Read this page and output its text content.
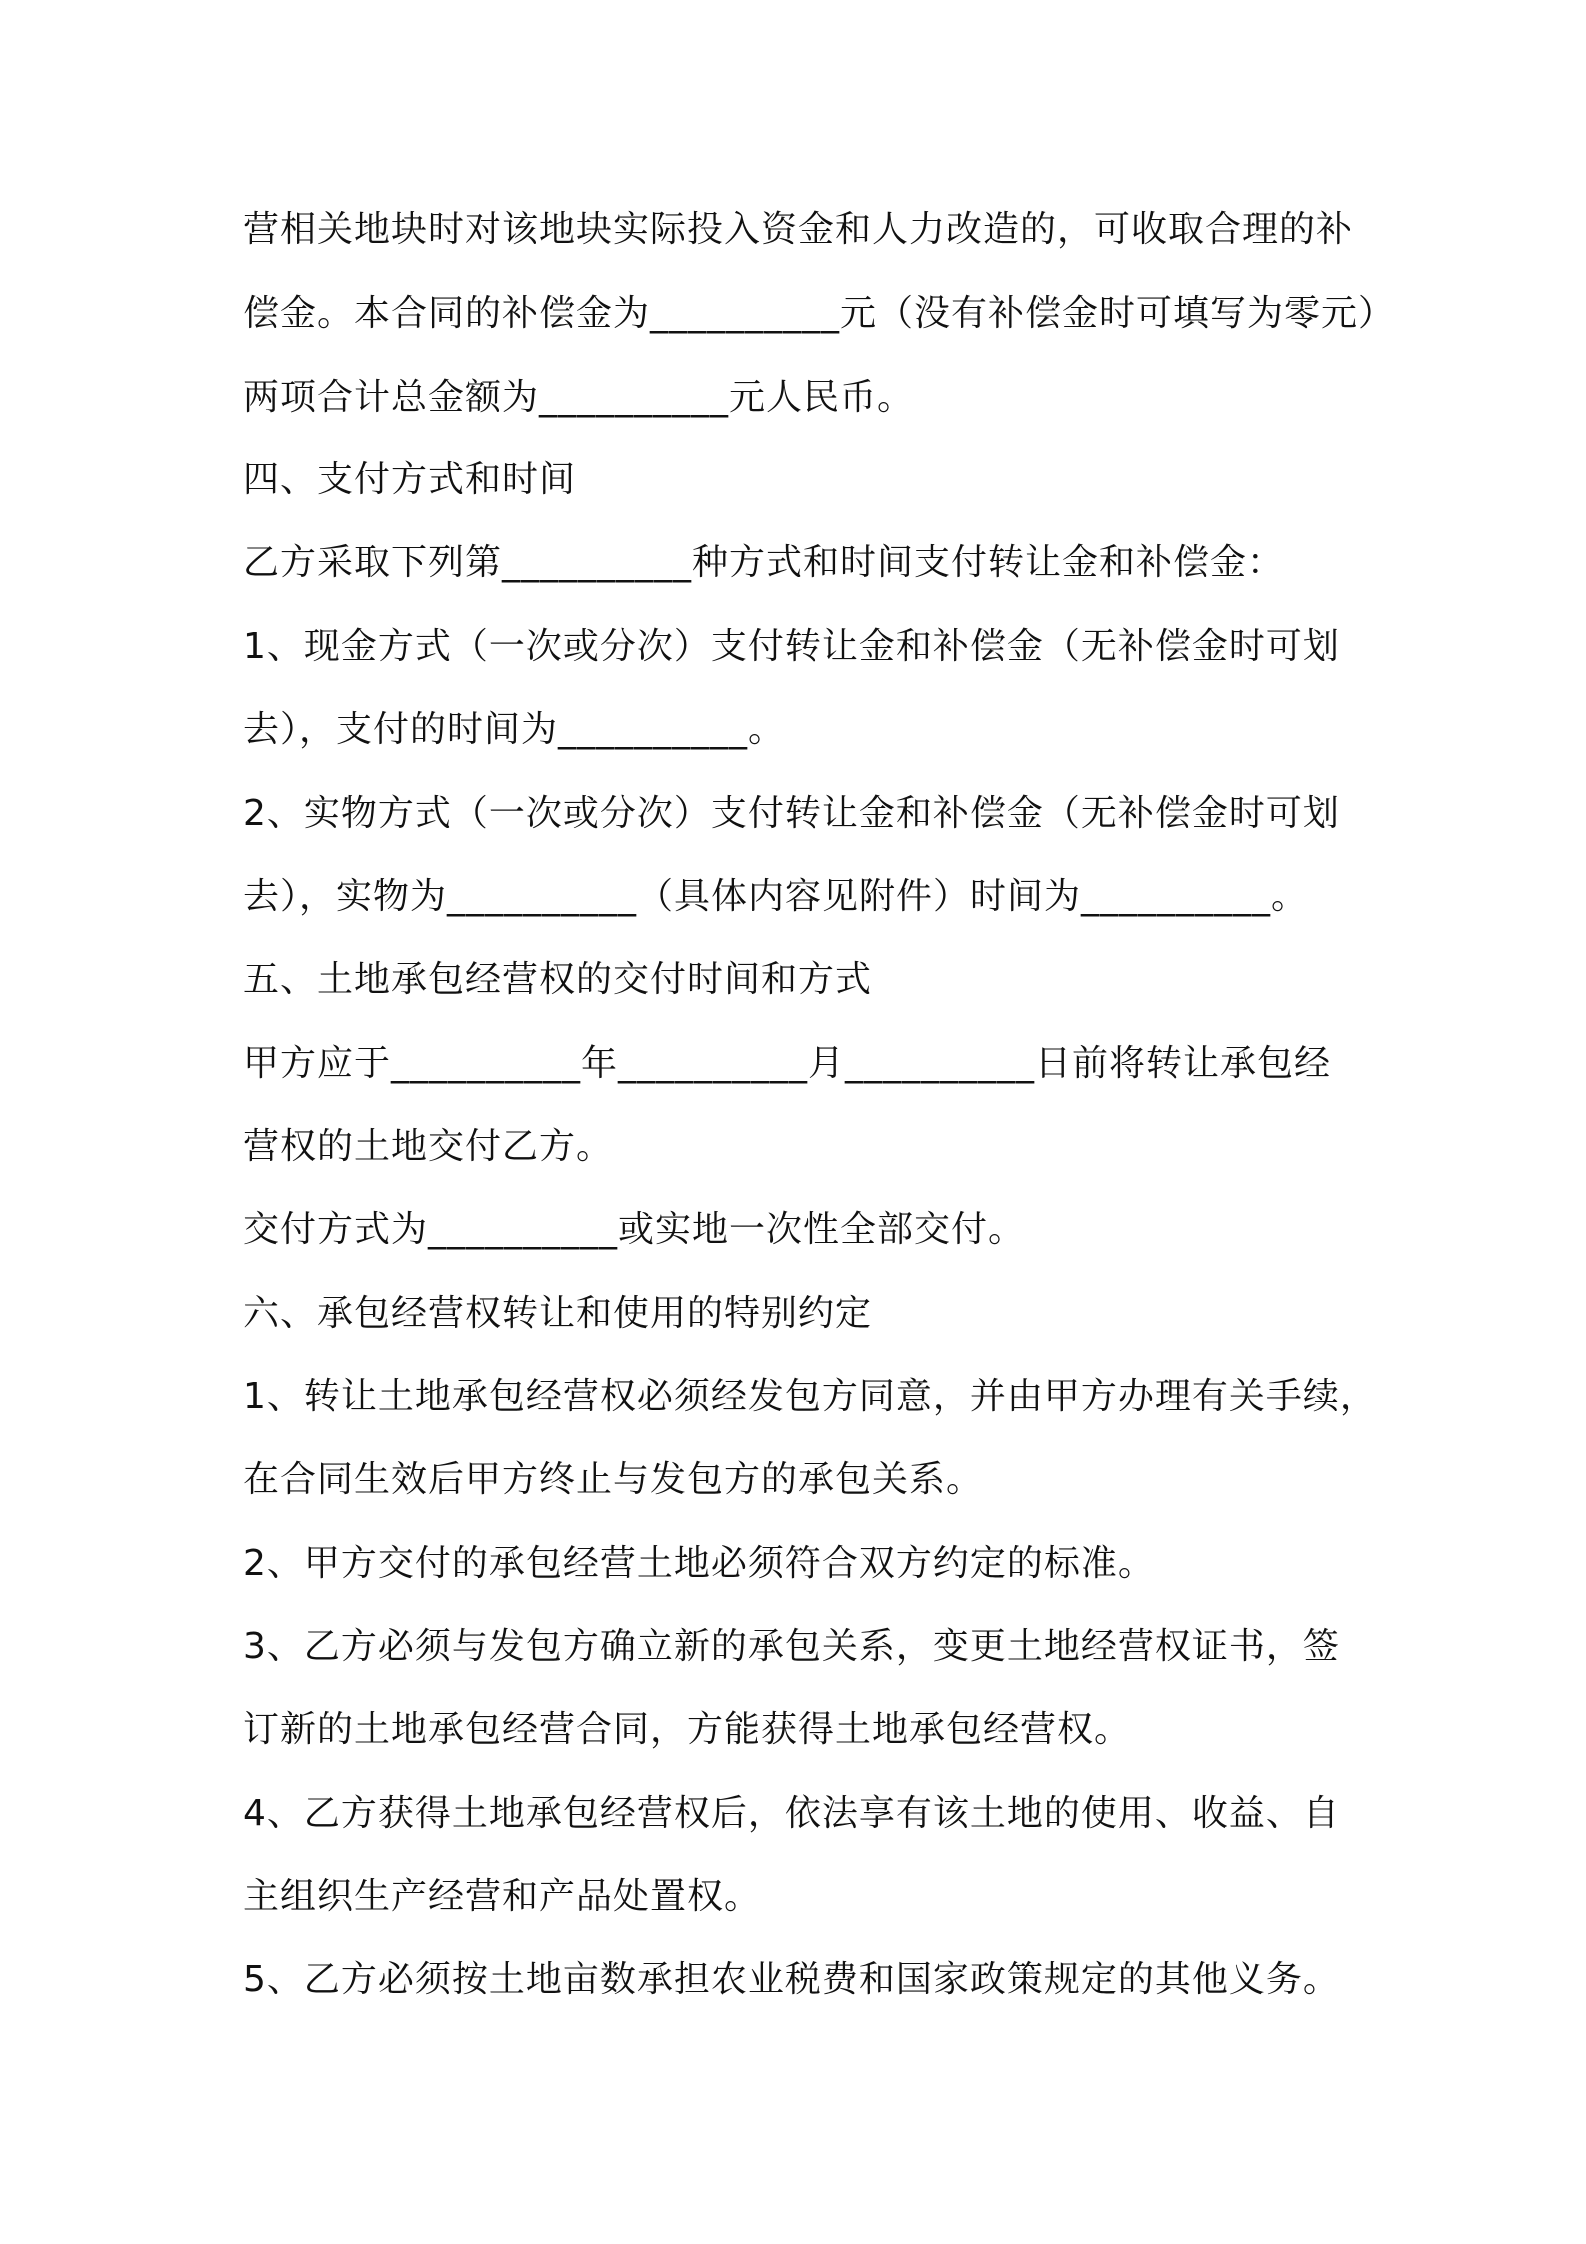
营相关地块时对该地块实际投入资金和人力改造的，可收取合理的补
偿金。本合同的补偿金为__________元（没有补偿金时可填写为零元）
两项合计总金额为__________元人民币。
四、支付方式和时间
乙方采取下列第__________种方式和时间支付转让金和补偿金：
1、现金方式（一次或分次）支付转让金和补偿金（无补偿金时可划
去），支付的时间为__________。
2、实物方式（一次或分次）支付转让金和补偿金（无补偿金时可划
去），实物为__________（具体内容见附件）时间为__________。
五、土地承包经营权的交付时间和方式
甲方应于__________年__________月__________日前将转让承包经
营权的土地交付乙方。
交付方式为__________或实地一次性全部交付。
六、承包经营权转让和使用的特别约定
1、转让土地承包经营权必须经发包方同意，并由甲方办理有关手续，
在合同生效后甲方终止与发包方的承包关系。
2、甲方交付的承包经营土地必须符合双方约定的标准。
3、乙方必须与发包方确立新的承包关系，变更土地经营权证书，签
订新的土地承包经营合同，方能获得土地承包经营权。
4、乙方获得土地承包经营权后，依法享有该土地的使用、收益、自
主组织生产经营和产品处置权。
5、乙方必须按土地亩数承担农业税费和国家政策规定的其他义务。
